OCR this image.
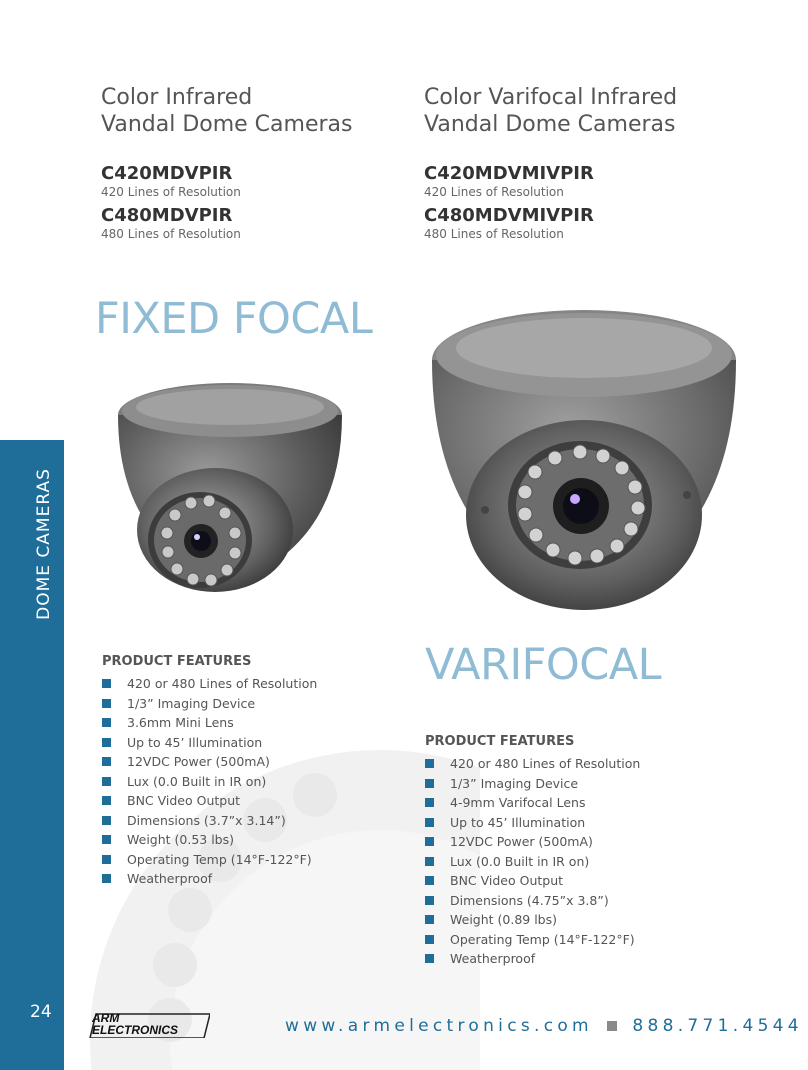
DOME CAMERAS
24
Color Infrared
Vandal Dome Cameras

C420MDVPIR

420 Lines of Resolution

C480MDVPIR

480 Lines of Resolution

FIXED FOCAL
Color Varifocal Infrared
Vandal Dome Cameras

C420MDVMIVPIR

420 Lines of Resolution

C480MDVMIVPIR

480 Lines of Resolution

VARIFOCAL

PRODUCT FEATURES

420 or 480 Lines of Resolution
1/3” Imaging Device
3.6mm Mini Lens
Up to 45’ Illumination
12VDC Power (500mA)
Lux (0.0 Built in IR on)
BNC Video Output
Dimensions (3.7”x 3.14”)
Weight (0.53 lbs)
Operating Temp (14°F-122°F)
Weatherproof

PRODUCT FEATURES

420 or 480 Lines of Resolution
1/3” Imaging Device
4-9mm Varifocal Lens
Up to 45’ Illumination
12VDC Power (500mA)
Lux (0.0 Built in IR on)
BNC Video Output
Dimensions (4.75”x 3.8”)
Weight (0.89 lbs)
Operating Temp (14°F-122°F)
Weatherproof
ARM
ELECTRONICS	www.armelectronics.com 888.771.4544
